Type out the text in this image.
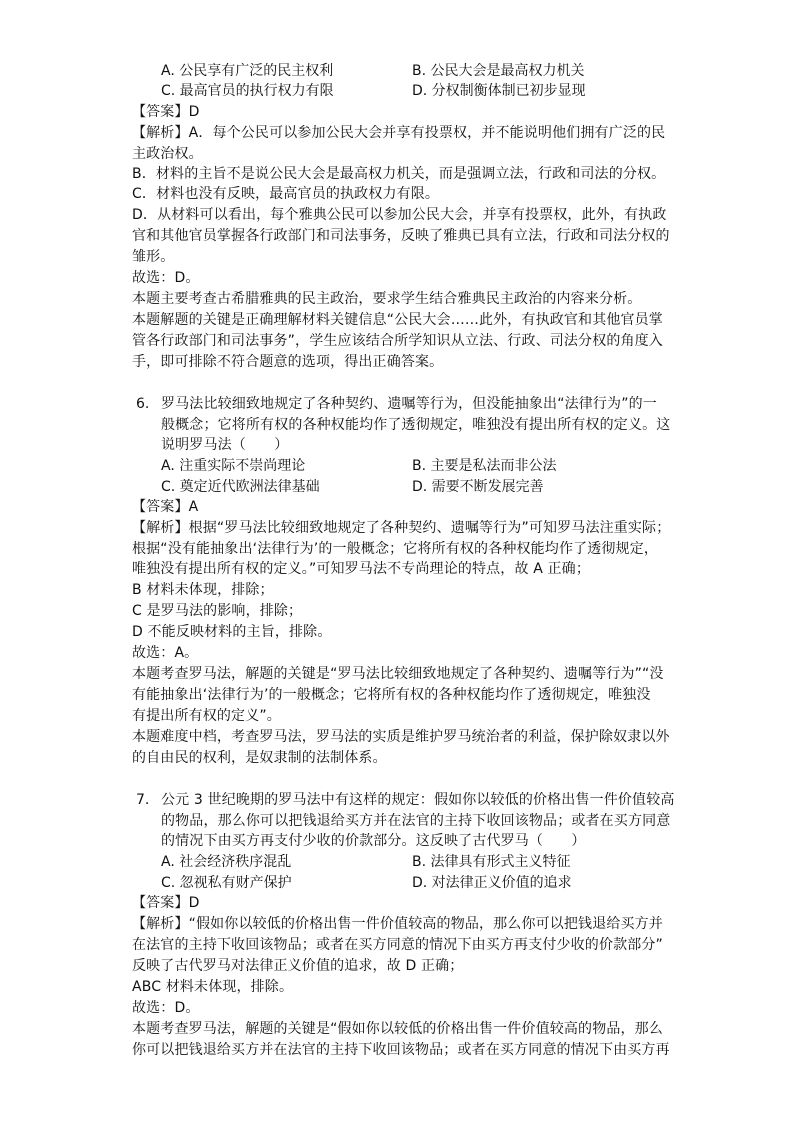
A. 公民享有广泛的民主权利	B. 公民大会是最高权力机关
C. 最高官员的执行权力有限	D. 分权制衡体制已初步显现
【答案】D
【解析】A．每个公民可以参加公民大会并享有投票权，并不能说明他们拥有广泛的民
主政治权。
B．材料的主旨不是说公民大会是最高权力机关，而是强调立法，行政和司法的分权。
C．材料也没有反映，最高官员的执政权力有限。
D．从材料可以看出，每个雅典公民可以参加公民大会，并享有投票权，此外，有执政
官和其他官员掌握各行政部门和司法事务，反映了雅典已具有立法，行政和司法分权的
雏形。
故选：D。
本题主要考查古希腊雅典的民主政治，要求学生结合雅典民主政治的内容来分析。
本题解题的关键是正确理解材料关键信息“公民大会……此外，有执政官和其他官员掌
管各行政部门和司法事务”，学生应该结合所学知识从立法、行政、司法分权的角度入
手，即可排除不符合题意的选项，得出正确答案。
6. 罗马法比较细致地规定了各种契约、遗嘱等行为，但没能抽象出“法律行为”的一
般概念；它将所有权的各种权能均作了透彻规定，唯独没有提出所有权的定义。这
说明罗马法（　　）
A. 注重实际不崇尚理论	B. 主要是私法而非公法
C. 奠定近代欧洲法律基础	D. 需要不断发展完善
【答案】A
【解析】根据“罗马法比较细致地规定了各种契约、遗嘱等行为”可知罗马法注重实际；
根据“没有能抽象出‘法律行为’的一般概念；它将所有权的各种权能均作了透彻规定，
唯独没有提出所有权的定义。”可知罗马法不专尚理论的特点，故 A 正确；
B 材料未体现，排除；
C 是罗马法的影响，排除；
D 不能反映材料的主旨，排除。
故选：A。
本题考查罗马法，解题的关键是“罗马法比较细致地规定了各种契约、遗嘱等行为”“没
有能抽象出‘法律行为’的一般概念；它将所有权的各种权能均作了透彻规定，唯独没
有提出所有权的定义”。
本题难度中档，考查罗马法，罗马法的实质是维护罗马统治者的利益，保护除奴隶以外
的自由民的权利，是奴隶制的法制体系。
7. 公元 3 世纪晚期的罗马法中有这样的规定：假如你以较低的价格出售一件价值较高
的物品，那么你可以把钱退给买方并在法官的主持下收回该物品；或者在买方同意
的情况下由买方再支付少收的价款部分。这反映了古代罗马（　　）
A. 社会经济秩序混乱	B. 法律具有形式主义特征
C. 忽视私有财产保护	D. 对法律正义价值的追求
【答案】D
【解析】“假如你以较低的价格出售一件价值较高的物品，那么你可以把钱退给买方并
在法官的主持下收回该物品；或者在买方同意的情况下由买方再支付少收的价款部分”
反映了古代罗马对法律正义价值的追求，故 D 正确；
ABC 材料未体现，排除。
故选：D。
本题考查罗马法，解题的关键是“假如你以较低的价格出售一件价值较高的物品，那么
你可以把钱退给买方并在法官的主持下收回该物品；或者在买方同意的情况下由买方再
